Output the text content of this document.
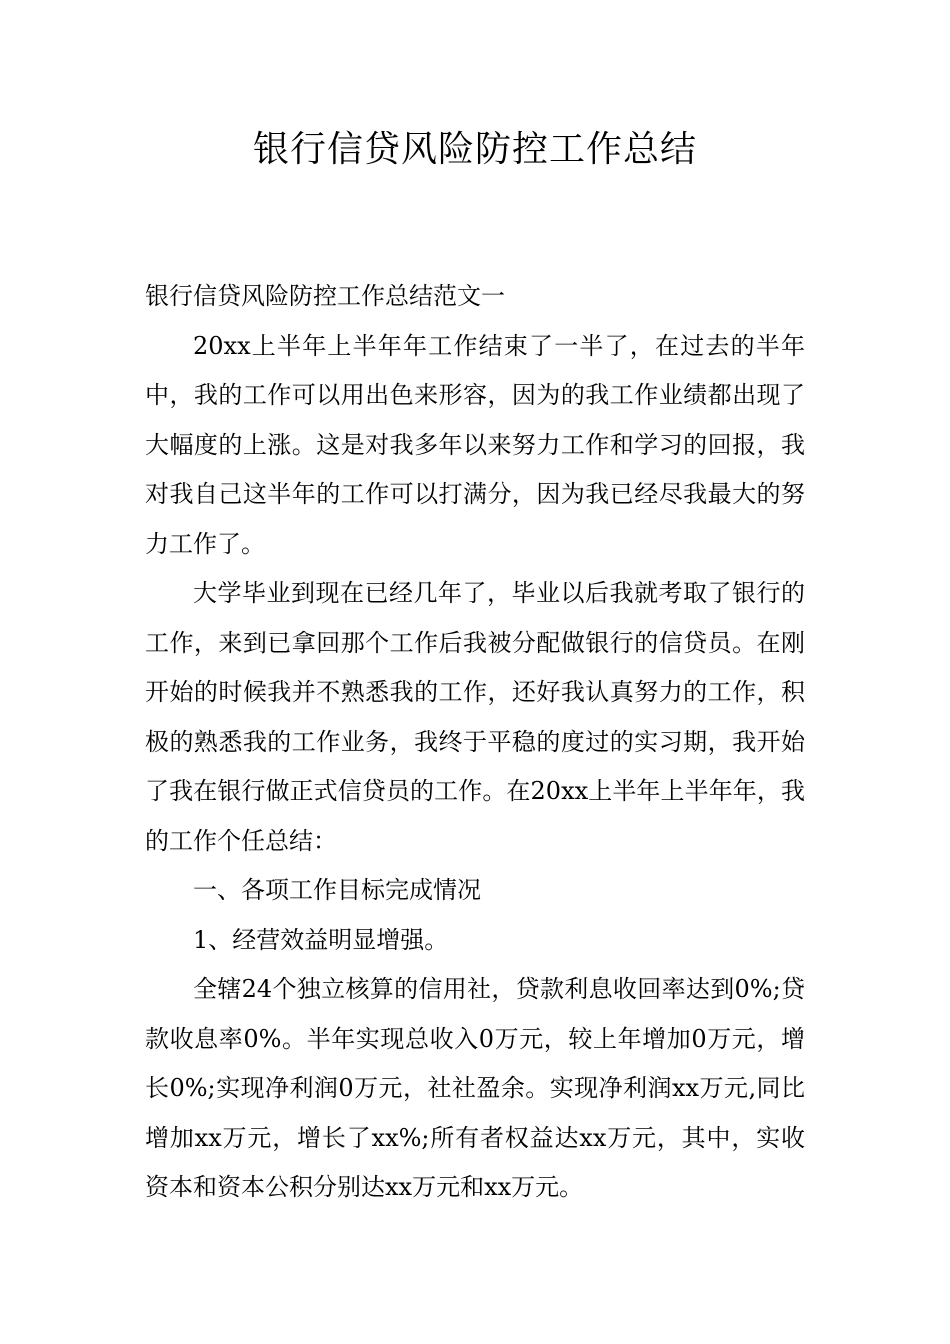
银行信贷风险防控工作总结

银行信贷风险防控工作总结范文一

20xx上半年上半年年工作结束了一半了，在过去的半年中，我的工作可以用出色来形容，因为的我工作业绩都出现了大幅度的上涨。这是对我多年以来努力工作和学习的回报，我对我自己这半年的工作可以打满分，因为我已经尽我最大的努力工作了。

大学毕业到现在已经几年了，毕业以后我就考取了银行的工作，来到已拿回那个工作后我被分配做银行的信贷员。在刚开始的时候我并不熟悉我的工作，还好我认真努力的工作，积极的熟悉我的工作业务，我终于平稳的度过的实习期，我开始了我在银行做正式信贷员的工作。在20xx上半年上半年年，我的工作个任总结：

一、各项工作目标完成情况

1、经营效益明显增强。

全辖24个独立核算的信用社，贷款利息收回率达到0%;贷款收息率0%。半年实现总收入0万元，较上年增加0万元，增长0%;实现净利润0万元，社社盈余。实现净利润xx万元,同比增加xx万元，增长了xx%;所有者权益达xx万元，其中，实收资本和资本公积分别达xx万元和xx万元。
